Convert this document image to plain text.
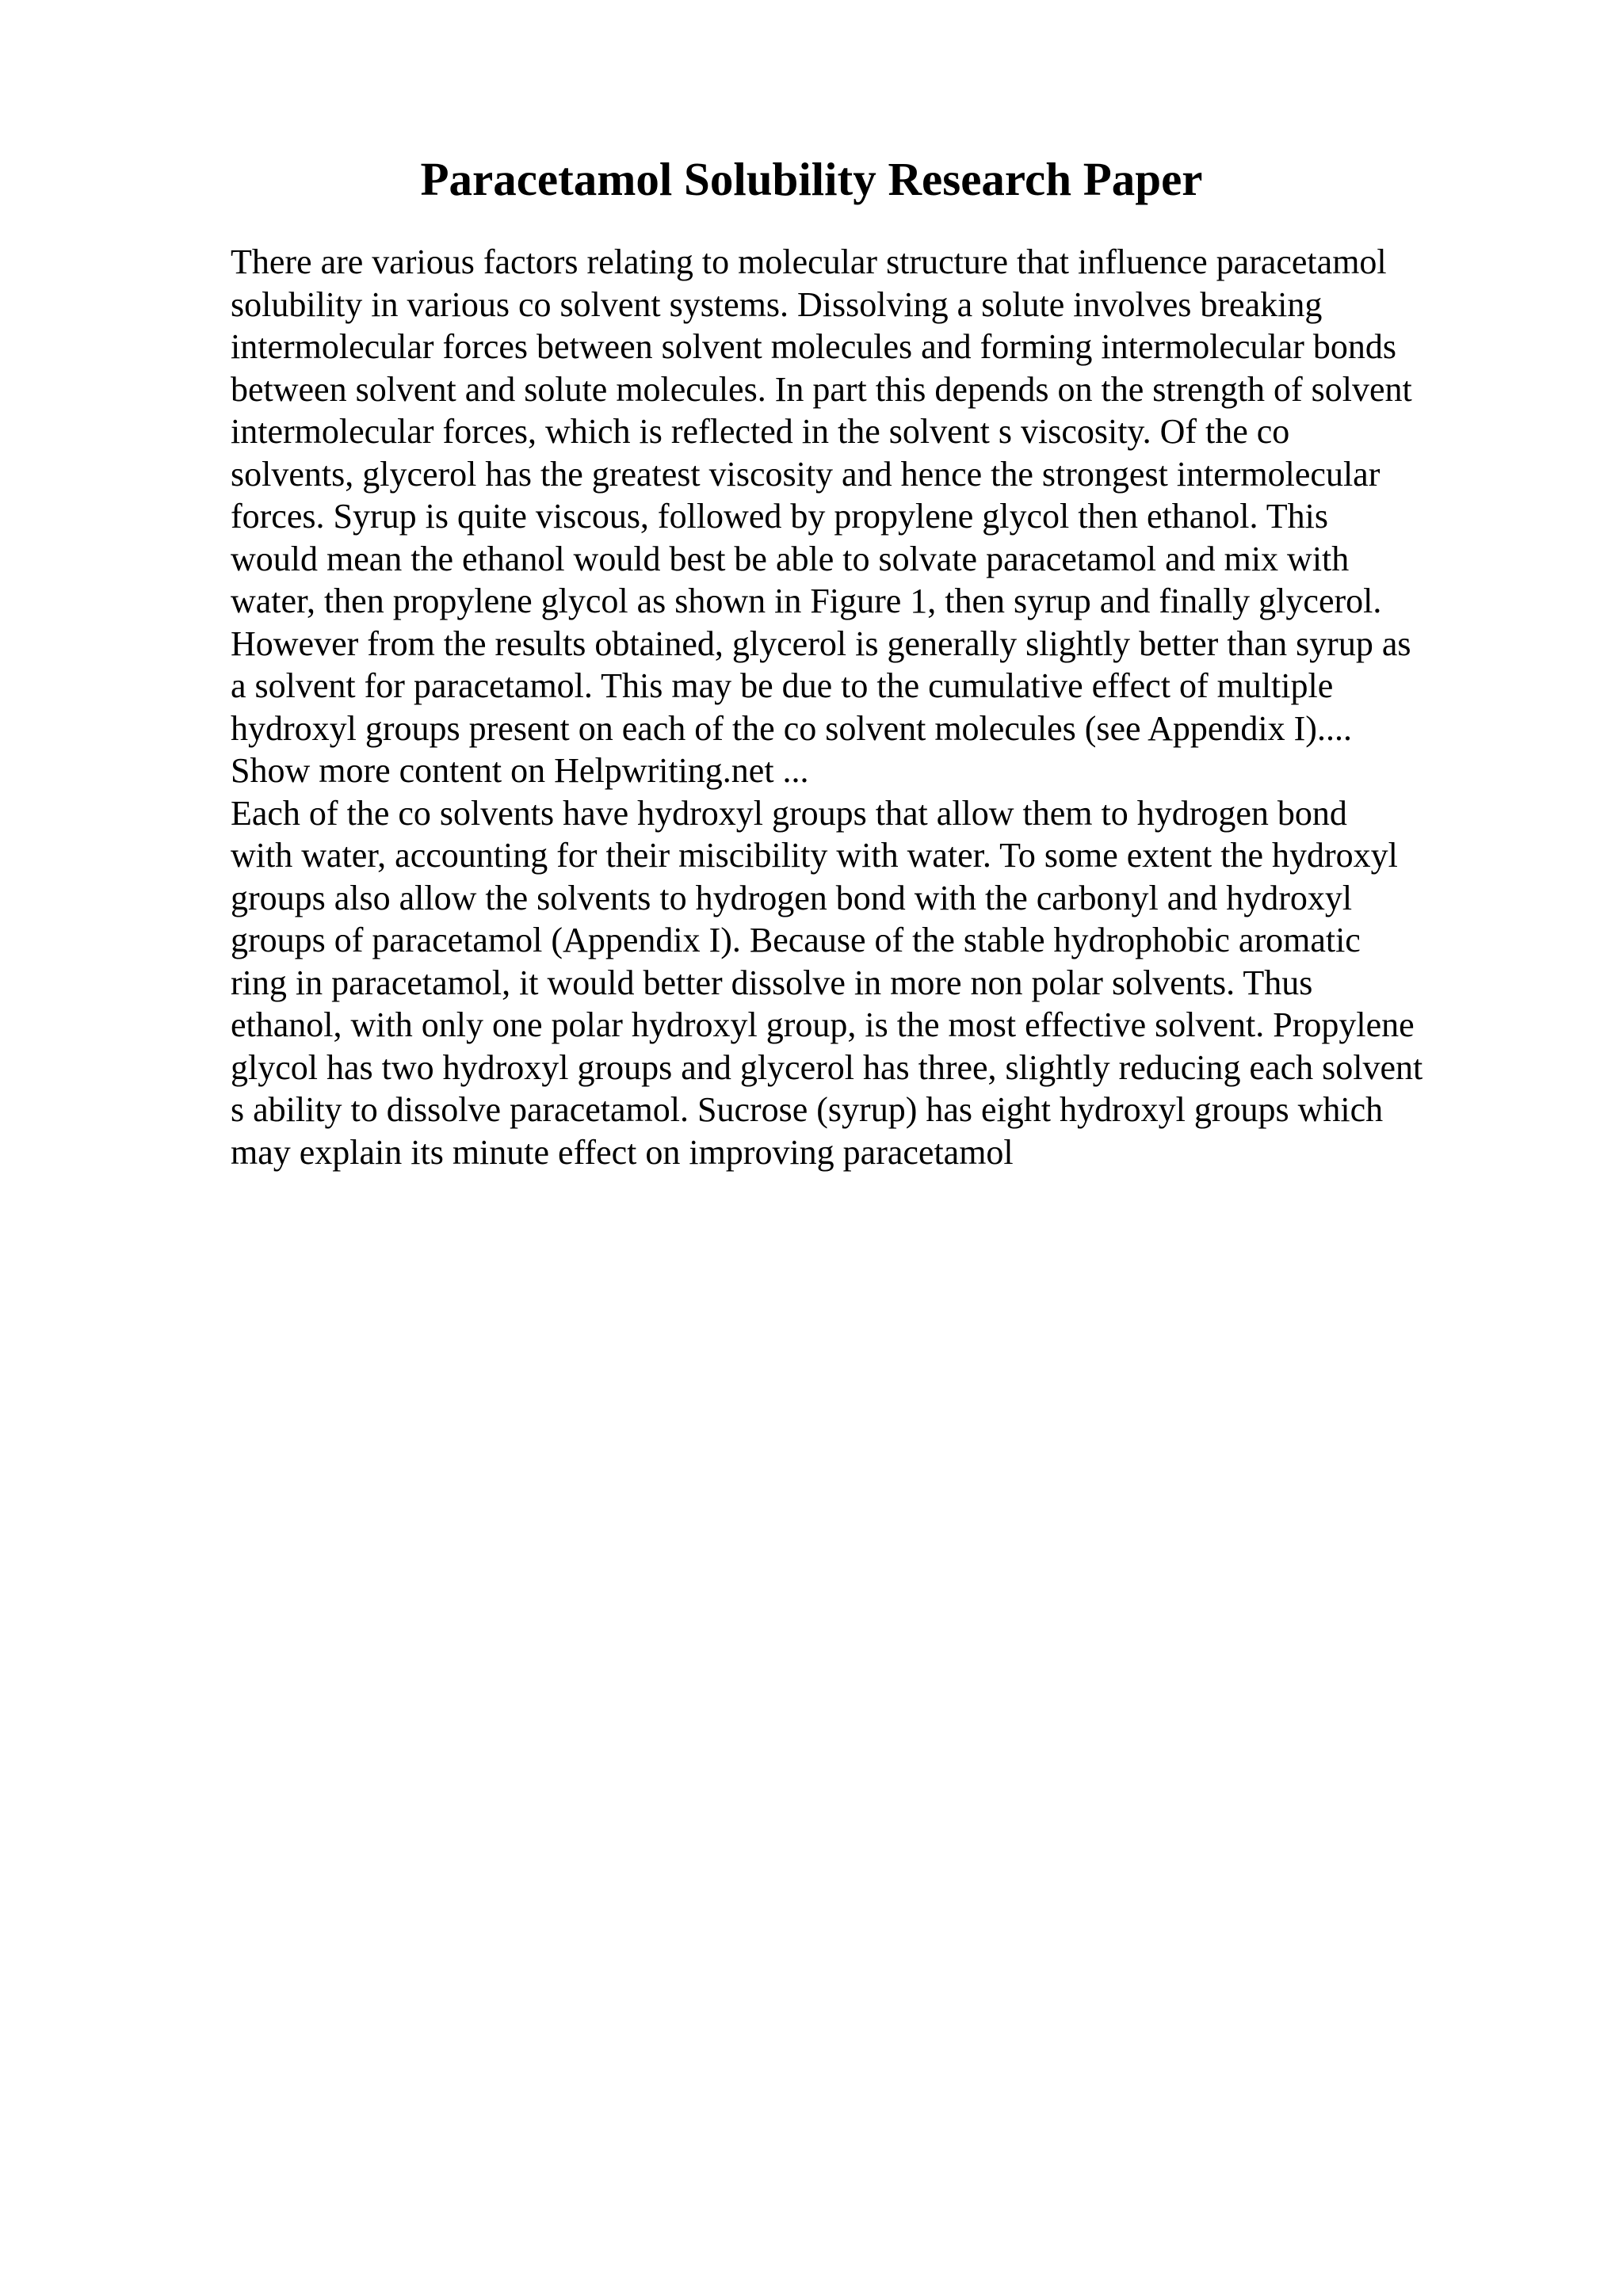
Paracetamol Solubility Research Paper
There are various factors relating to molecular structure that influence paracetamol
solubility in various co solvent systems. Dissolving a solute involves breaking
intermolecular forces between solvent molecules and forming intermolecular bonds
between solvent and solute molecules. In part this depends on the strength of solvent
intermolecular forces, which is reflected in the solvent s viscosity. Of the co
solvents, glycerol has the greatest viscosity and hence the strongest intermolecular
forces. Syrup is quite viscous, followed by propylene glycol then ethanol. This
would mean the ethanol would best be able to solvate paracetamol and mix with
water, then propylene glycol as shown in Figure 1, then syrup and finally glycerol.
However from the results obtained, glycerol is generally slightly better than syrup as
a solvent for paracetamol. This may be due to the cumulative effect of multiple
hydroxyl groups present on each of the co solvent molecules (see Appendix I)....
Show more content on Helpwriting.net ...
Each of the co solvents have hydroxyl groups that allow them to hydrogen bond
with water, accounting for their miscibility with water. To some extent the hydroxyl
groups also allow the solvents to hydrogen bond with the carbonyl and hydroxyl
groups of paracetamol (Appendix I). Because of the stable hydrophobic aromatic
ring in paracetamol, it would better dissolve in more non polar solvents. Thus
ethanol, with only one polar hydroxyl group, is the most effective solvent. Propylene
glycol has two hydroxyl groups and glycerol has three, slightly reducing each solvent
s ability to dissolve paracetamol. Sucrose (syrup) has eight hydroxyl groups which
may explain its minute effect on improving paracetamol
